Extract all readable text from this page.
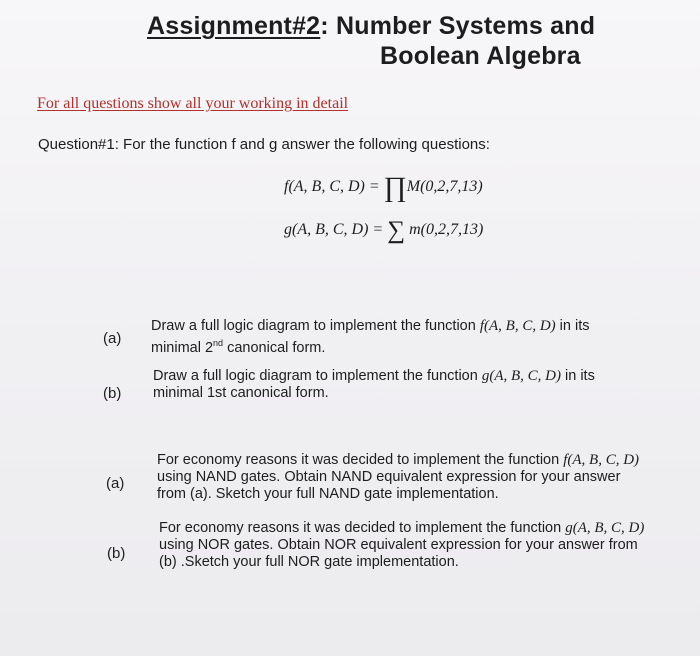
Assignment#2: Number Systems and
Boolean Algebra
For all questions show all your working in detail
Question#1: For the function f and g answer the following questions:
f(A, B, C, D) = ∏M(0,2,7,13)
g(A, B, C, D) = ∑ m(0,2,7,13)
(a)
Draw a full logic diagram to implement the function f(A, B, C, D) in its
minimal 2nd canonical form.
(b)
Draw a full logic diagram to implement the function g(A, B, C, D) in its
minimal 1st canonical form.
(a)
For economy reasons it was decided to implement the function f(A, B, C, D)
using NAND gates. Obtain NAND equivalent expression for your answer
from (a). Sketch your full NAND gate implementation.
(b)
For economy reasons it was decided to implement the function g(A, B, C, D)
using NOR gates. Obtain NOR equivalent expression for your answer from
(b) .Sketch your full NOR gate implementation.
